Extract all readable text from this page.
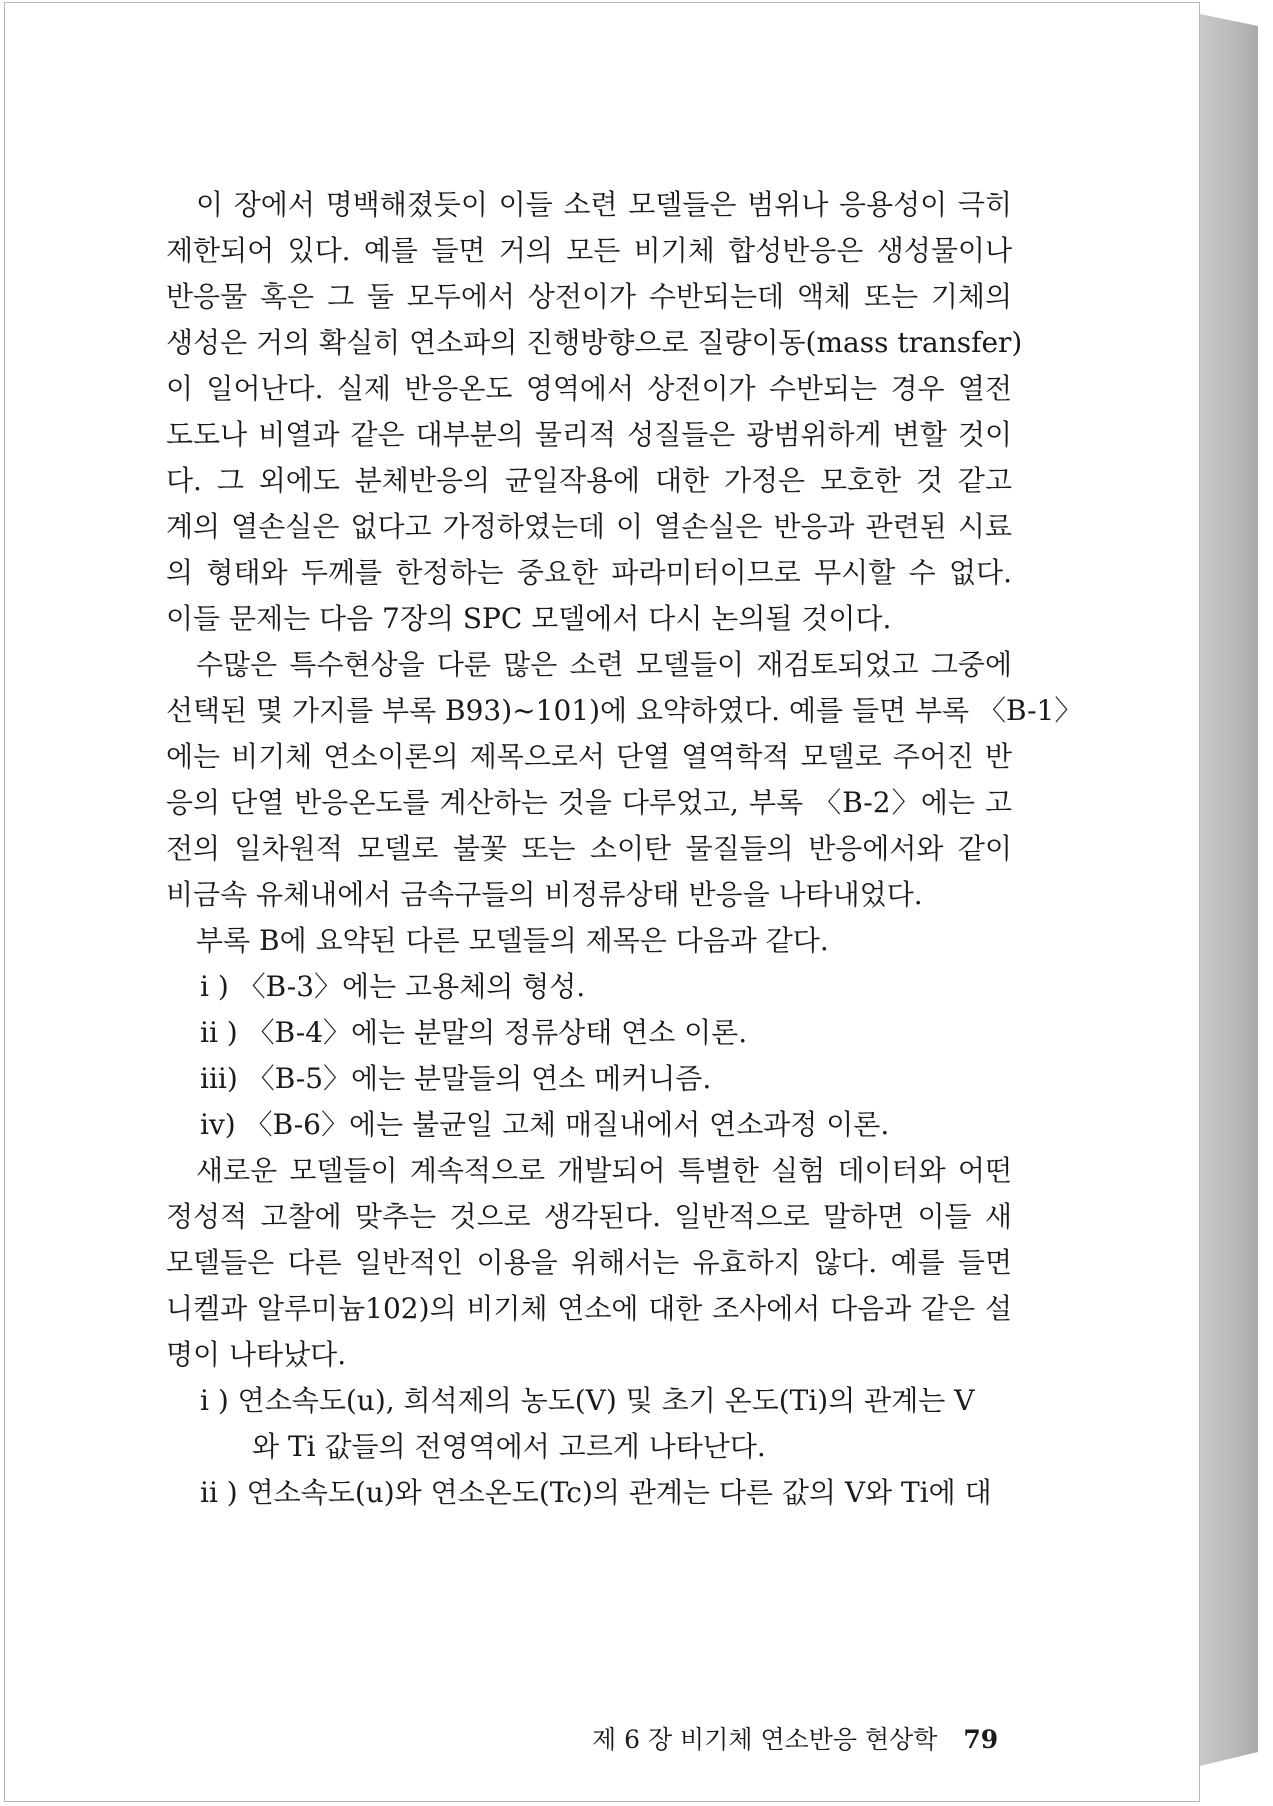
이 장에서 명백해졌듯이 이들 소련 모델들은 범위나 응용성이 극히
제한되어 있다. 예를 들면 거의 모든 비기체 합성반응은 생성물이나
반응물 혹은 그 둘 모두에서 상전이가 수반되는데 액체 또는 기체의
생성은 거의 확실히 연소파의 진행방향으로 질량이동(mass transfer)
이 일어난다. 실제 반응온도 영역에서 상전이가 수반되는 경우 열전
도도나 비열과 같은 대부분의 물리적 성질들은 광범위하게 변할 것이
다. 그 외에도 분체반응의 균일작용에 대한 가정은 모호한 것 같고
계의 열손실은 없다고 가정하였는데 이 열손실은 반응과 관련된 시료
의 형태와 두께를 한정하는 중요한 파라미터이므로 무시할 수 없다.
이들 문제는 다음 7장의 SPC 모델에서 다시 논의될 것이다.
수많은 특수현상을 다룬 많은 소련 모델들이 재검토되었고 그중에
선택된 몇 가지를 부록 B93)~101)에 요약하였다. 예를 들면 부록 〈B-1〉
에는 비기체 연소이론의 제목으로서 단열 열역학적 모델로 주어진 반
응의 단열 반응온도를 계산하는 것을 다루었고, 부록 〈B-2〉에는 고
전의 일차원적 모델로 불꽃 또는 소이탄 물질들의 반응에서와 같이
비금속 유체내에서 금속구들의 비정류상태 반응을 나타내었다.
부록 B에 요약된 다른 모델들의 제목은 다음과 같다.
i ) 〈B-3〉에는 고용체의 형성.
ii ) 〈B-4〉에는 분말의 정류상태 연소 이론.
iii) 〈B-5〉에는 분말들의 연소 메커니즘.
iv) 〈B-6〉에는 불균일 고체 매질내에서 연소과정 이론.
새로운 모델들이 계속적으로 개발되어 특별한 실험 데이터와 어떤
정성적 고찰에 맞추는 것으로 생각된다. 일반적으로 말하면 이들 새
모델들은 다른 일반적인 이용을 위해서는 유효하지 않다. 예를 들면
니켈과 알루미늄102)의 비기체 연소에 대한 조사에서 다음과 같은 설
명이 나타났다.
i ) 연소속도(u), 희석제의 농도(V) 및 초기 온도(Ti)의 관계는 V
와 Ti 값들의 전영역에서 고르게 나타난다.
ii ) 연소속도(u)와 연소온도(Tc)의 관계는 다른 값의 V와 Ti에 대
제 6 장 비기체 연소반응 현상학 79
